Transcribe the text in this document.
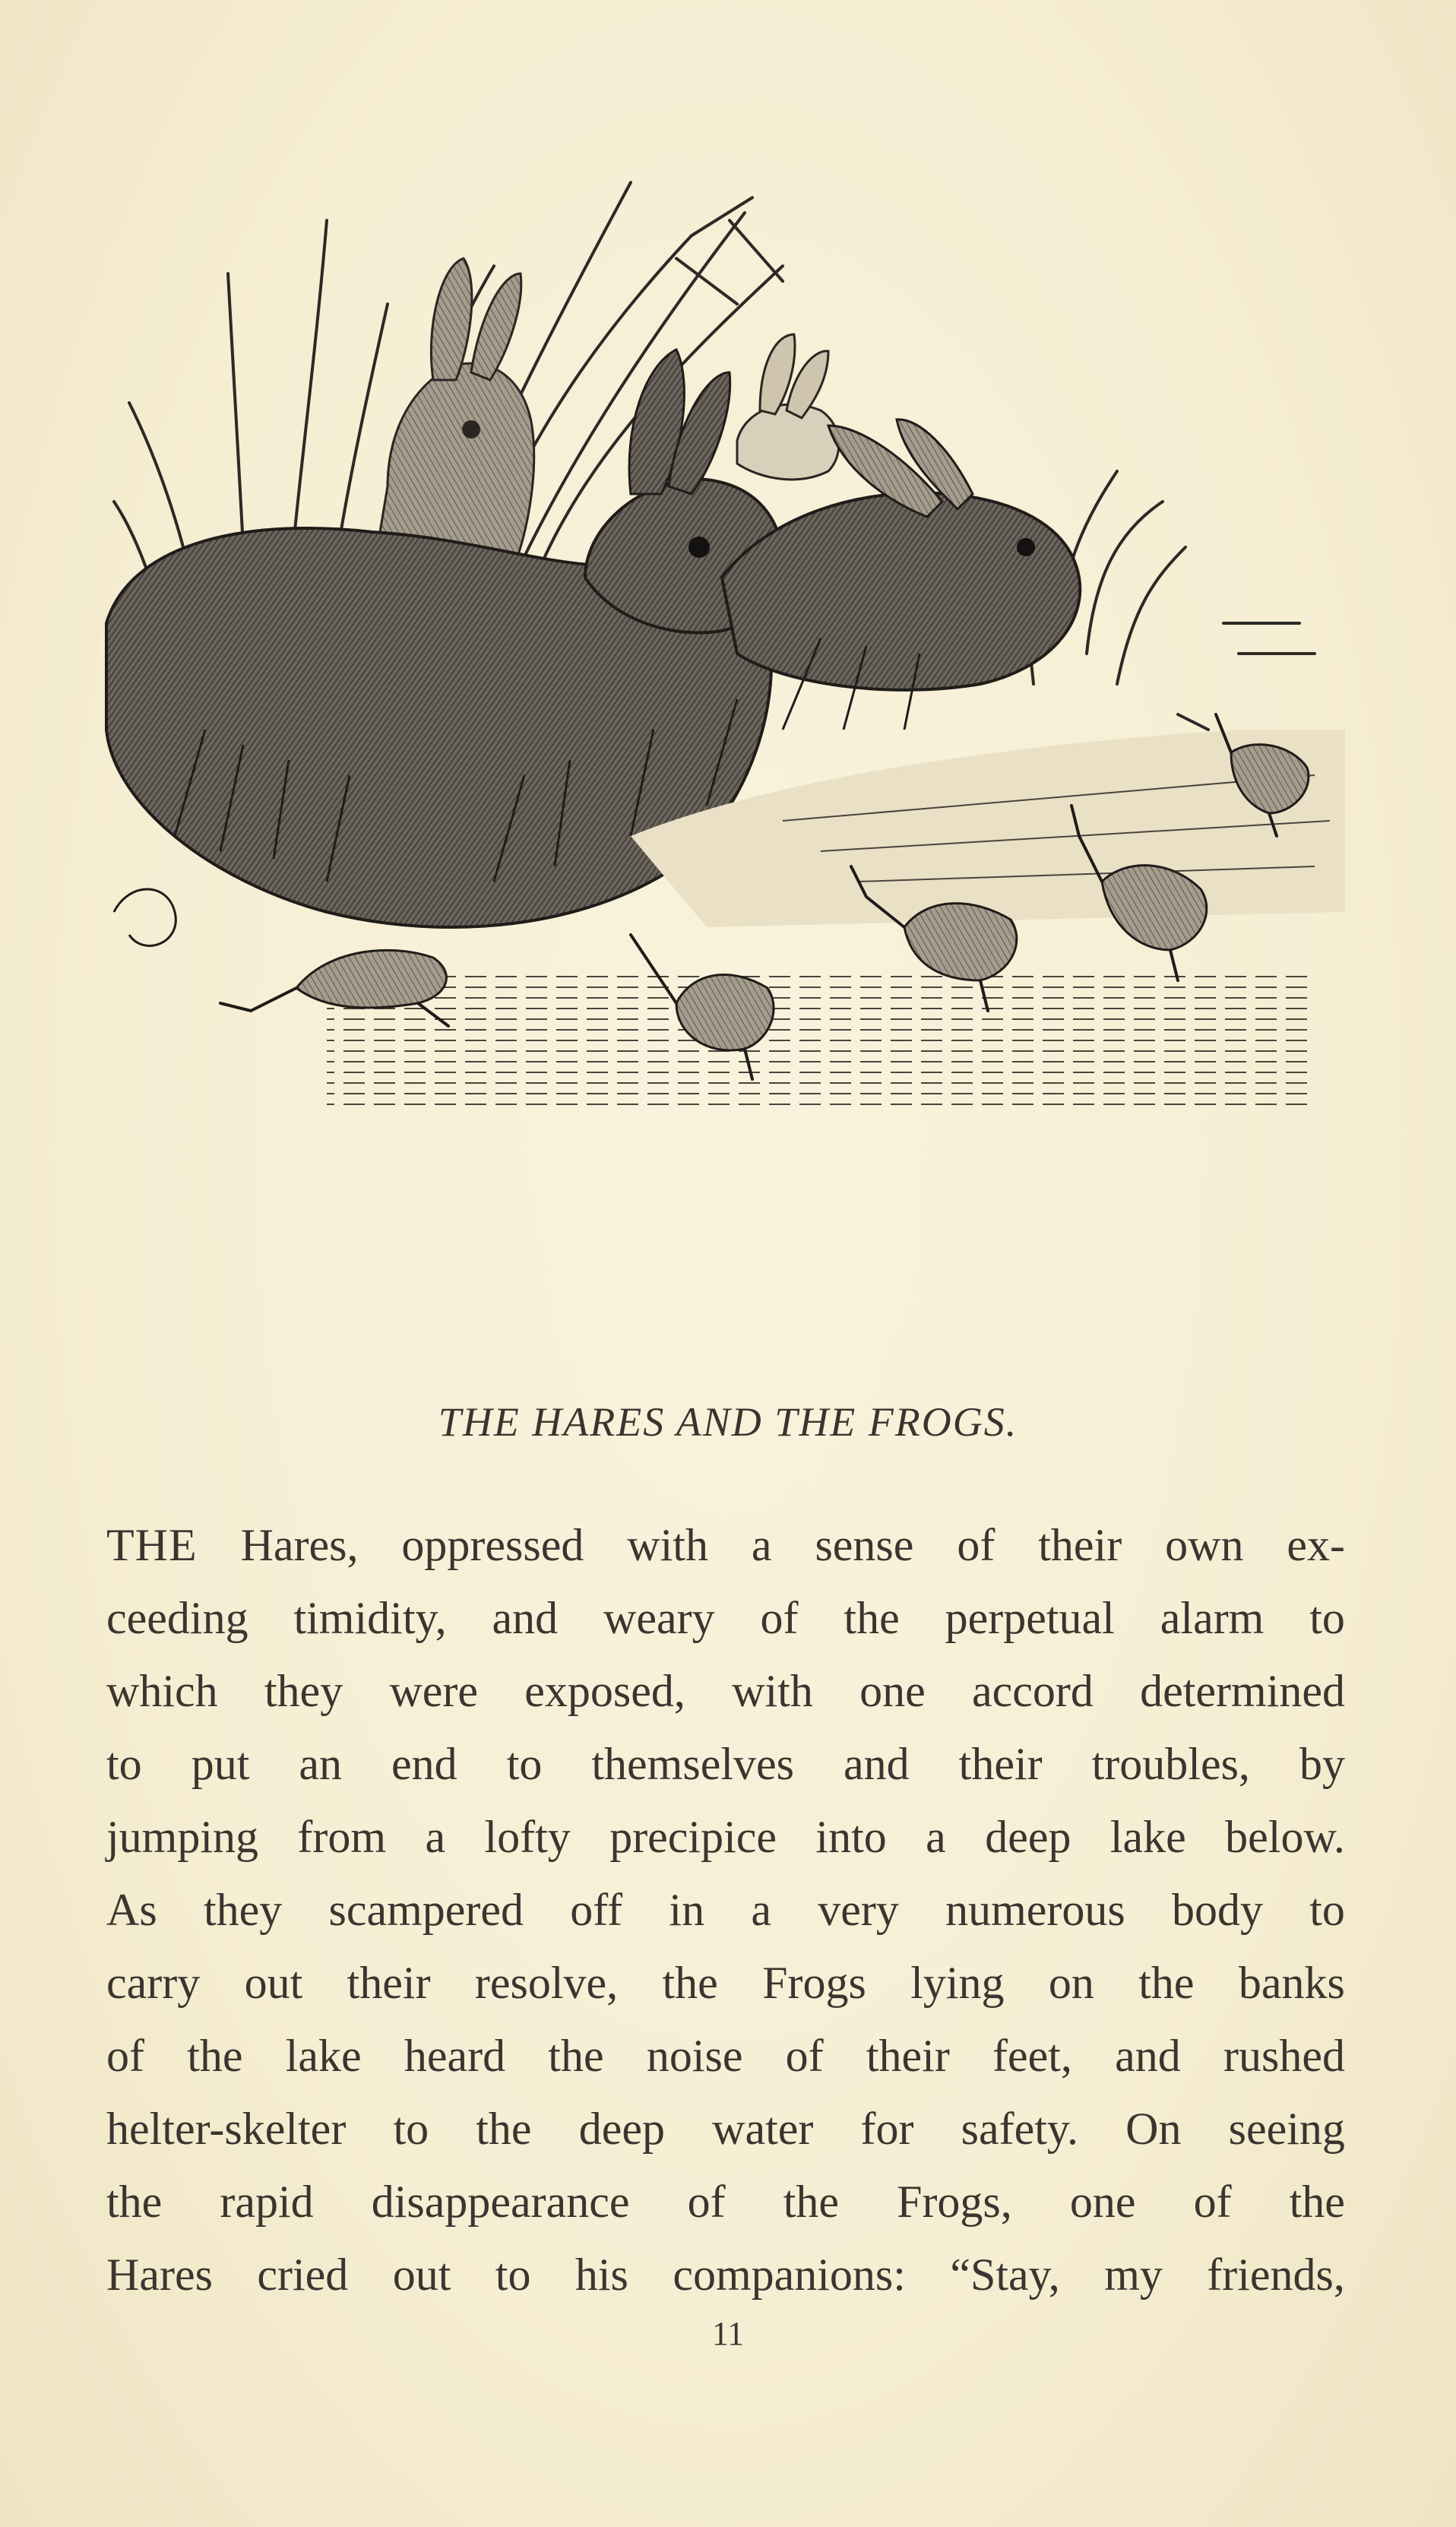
THE HARES AND THE FROGS.
THE Hares, oppressed with a sense of their own ex-
ceeding timidity, and weary of the perpetual alarm to
which they were exposed, with one accord determined
to put an end to themselves and their troubles, by
jumping from a lofty precipice into a deep lake below.
As they scampered off in a very numerous body to
carry out their resolve, the Frogs lying on the banks
of the lake heard the noise of their feet, and rushed
helter-skelter to the deep water for safety. On seeing
the rapid disappearance of the Frogs, one of the
Hares cried out to his companions: “Stay, my friends,
11
